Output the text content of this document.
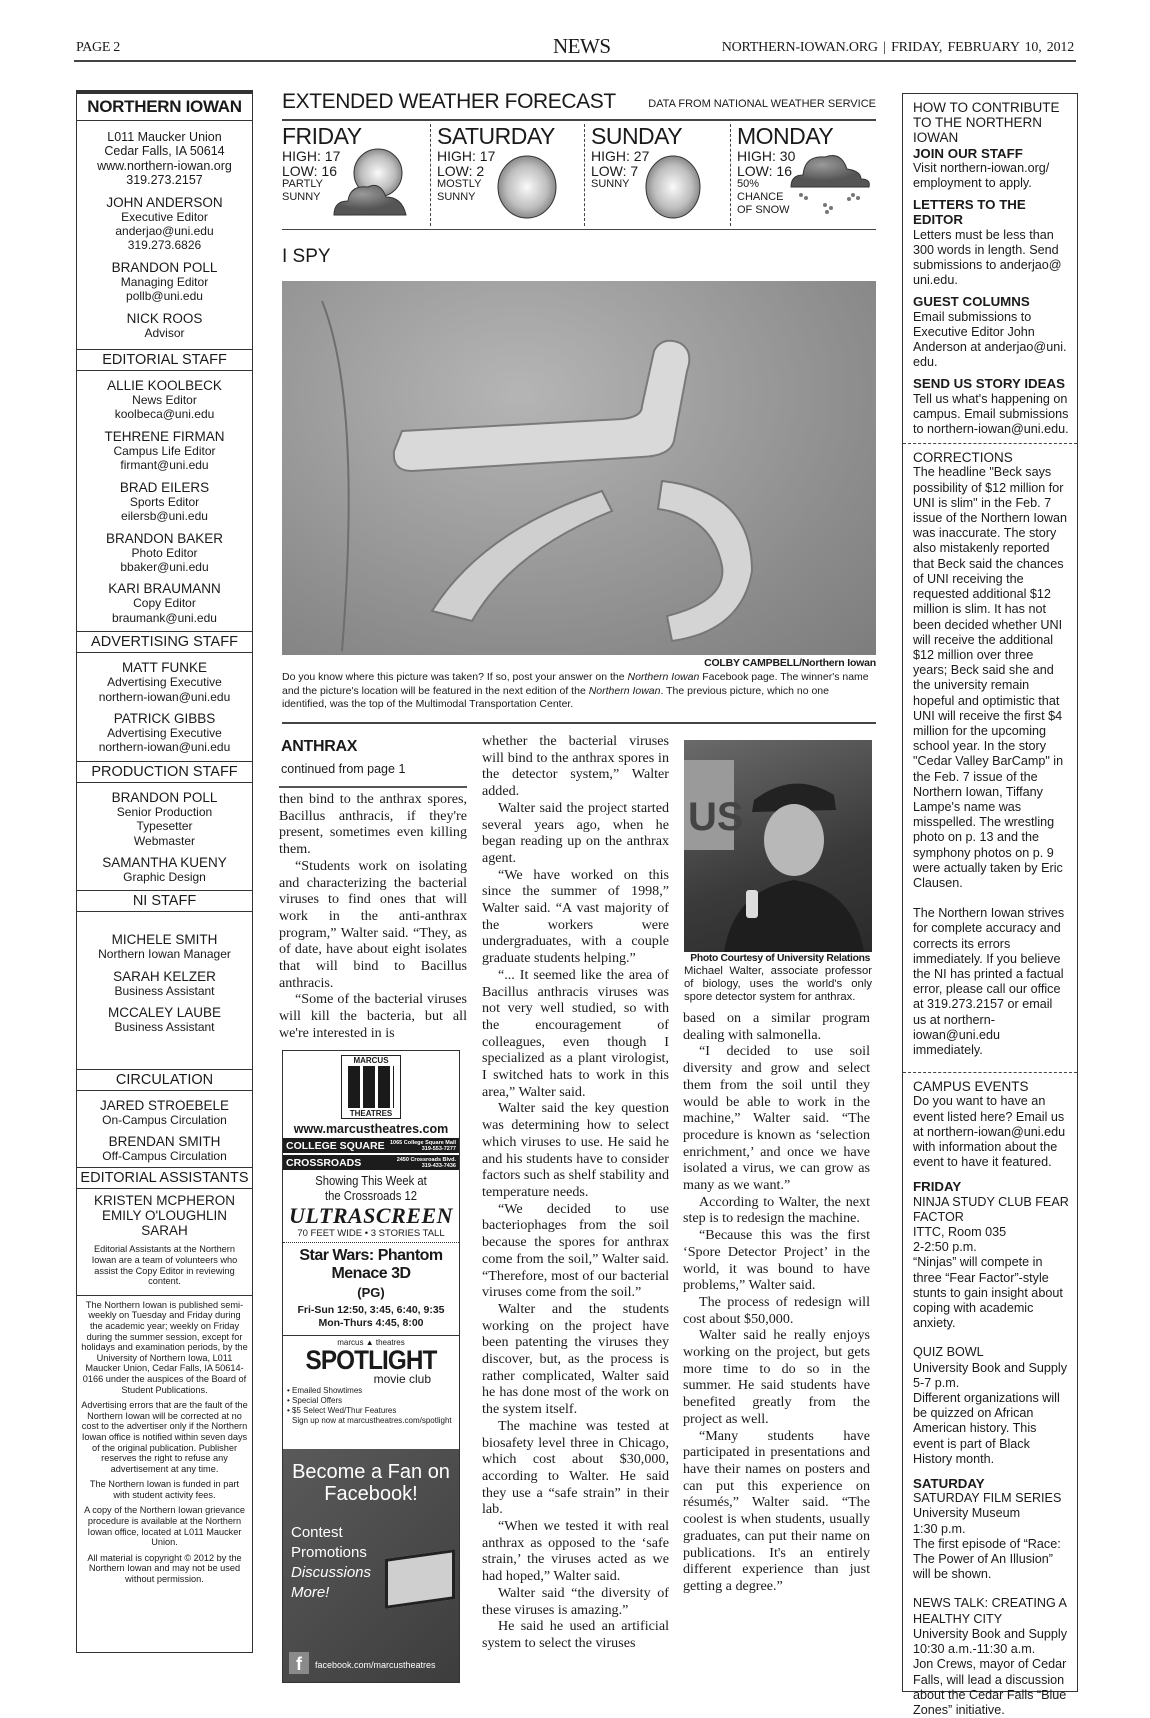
PAGE 2	NEWS	NORTHERN-IOWAN.ORG | FRIDAY, FEBRUARY 10, 2012
NORTHERN IOWAN
L011 Maucker Union
Cedar Falls, IA 50614
www.northern-iowan.org
319.273.2157
JOHN ANDERSON
Executive Editor
anderjao@uni.edu
319.273.6826
BRANDON POLL
Managing Editor
pollb@uni.edu
NICK ROOS
Advisor
EDITORIAL STAFF
ALLIE KOOLBECK
News Editor
koolbeca@uni.edu
TEHRENE FIRMAN
Campus Life Editor
firmant@uni.edu
BRAD EILERS
Sports Editor
eilersb@uni.edu
BRANDON BAKER
Photo Editor
bbaker@uni.edu
KARI BRAUMANN
Copy Editor
braumank@uni.edu
ADVERTISING STAFF
MATT FUNKE
Advertising Executive
northern-iowan@uni.edu
PATRICK GIBBS
Advertising Executive
northern-iowan@uni.edu
PRODUCTION STAFF
BRANDON POLL
Senior Production
Typesetter
Webmaster
SAMANTHA KUENY
Graphic Design
NI STAFF
MICHELE SMITH
Northern Iowan Manager
SARAH KELZER
Business Assistant
MCCALEY LAUBE
Business Assistant
CIRCULATION
JARED STROEBELE
On-Campus Circulation
BRENDAN SMITH
Off-Campus Circulation
EDITORIAL ASSISTANTS
KRISTEN MCPHERON
EMILY O'LOUGHLIN
SARAH
Editorial Assistants at the Northern Iowan are a team of volunteers who assist the Copy Editor in reviewing content.

The Northern Iowan is published semi-weekly on Tuesday and Friday during the academic year; weekly on Friday during the summer session, except for holidays and examination periods, by the University of Northern Iowa, L011 Maucker Union, Cedar Falls, IA 50614-0166 under the auspices of the Board of Student Publications.

Advertising errors that are the fault of the Northern Iowan will be corrected at no cost to the advertiser only if the Northern Iowan office is notified within seven days of the original publication. Publisher reserves the right to refuse any advertisement at any time.

The Northern Iowan is funded in part with student activity fees.

A copy of the Northern Iowan grievance procedure is available at the Northern Iowan office, located at L011 Maucker Union.

All material is copyright © 2012 by the Northern Iowan and may not be used without permission.

EXTENDED WEATHER FORECAST	DATA FROM NATIONAL WEATHER SERVICE
FRIDAY
HIGH: 17
LOW: 16
PARTLY
SUNNY
SATURDAY
HIGH: 17
LOW: 2
MOSTLY
SUNNY
SUNDAY
HIGH: 27
LOW: 7
SUNNY
MONDAY
HIGH: 30
LOW: 16
50%
CHANCE
OF SNOW
I SPY
COLBY CAMPBELL/Northern Iowan
Do you know where this picture was taken? If so, post your answer on the Northern Iowan Facebook page. The winner's name and the picture's location will be featured in the next edition of the Northern Iowan. The previous picture, which no one identified, was the top of the Multimodal Transportation Center.
ANTHRAX
continued from page 1

then bind to the anthrax spores, Bacillus anthracis, if they're present, sometimes even killing them.

“Students work on isolating and characterizing the bacterial viruses to find ones that will work in the anti-anthrax program,” Walter said. “They, as of date, have about eight isolates that will bind to Bacillus anthracis.

“Some of the bacterial viruses will kill the bacteria, but all we're interested in is

whether the bacterial viruses will bind to the anthrax spores in the detector system,” Walter added.

Walter said the project started several years ago, when he began reading up on the anthrax agent.

“We have worked on this since the summer of 1998,” Walter said. “A vast majority of the workers were undergraduates, with a couple graduate students helping.”

“... It seemed like the area of Bacillus anthracis viruses was not very well studied, so with the encouragement of colleagues, even though I specialized as a plant virologist, I switched hats to work in this area,” Walter said.

Walter said the key question was determining how to select which viruses to use. He said he and his students have to consider factors such as shelf stability and temperature needs.

“We decided to use bacteriophages from the soil because the spores for anthrax come from the soil,” Walter said. “Therefore, most of our bacterial viruses come from the soil.”

Walter and the students working on the project have been patenting the viruses they discover, but, as the process is rather complicated, Walter said he has done most of the work on the system itself.

The machine was tested at biosafety level three in Chicago, which cost about $30,000, according to Walter. He said they use a “safe strain” in their lab.

“When we tested it with real anthrax as opposed to the ‘safe strain,’ the viruses acted as we had hoped,” Walter said.

Walter said “the diversity of these viruses is amazing.”

He said he used an artificial system to select the viruses

US
Photo Courtesy of University Relations
Michael Walter, associate professor of biology, uses the world's only spore detector system for anthrax.

based on a similar program dealing with salmonella.

“I decided to use soil diversity and grow and select them from the soil until they would be able to work in the machine,” Walter said. “The procedure is known as ‘selection enrichment,’ and once we have isolated a virus, we can grow as many as we want.”

According to Walter, the next step is to redesign the machine.

“Because this was the first ‘Spore Detector Project’ in the world, it was bound to have problems,” Walter said.

The process of redesign will cost about $50,000.

Walter said he really enjoys working on the project, but gets more time to do so in the summer. He said students have benefited greatly from the project as well.

“Many students have participated in presentations and have their names on posters and can put this experience on résumés,” Walter said. “The coolest is when students, usually graduates, can put their name on publications. It's an entirely different experience than just getting a degree.”

MARCUS
THEATRES
www.marcustheatres.com
COLLEGE SQUARE 1065 College Square Mall
319-553-7277
CROSSROADS	2450 Crossroads Blvd.
319-433-7436
Showing This Week at the Crossroads 12
ULTRASCREEN
70 FEET WIDE • 3 STORIES TALL
Star Wars: Phantom Menace 3D
(PG)
Fri-Sun 12:50, 3:45, 6:40, 9:35
Mon-Thurs 4:45, 8:00
marcus ▲ theatres
SPOTLIGHT
movie club
• Emailed Showtimes
• Special Offers
• $5 Select Wed/Thur Features
Sign up now at marcustheatres.com/spotlight
Become a Fan on Facebook!
Contest
Promotions
Discussions
More!
f	facebook.com/marcustheatres
HOW TO CONTRIBUTE TO THE NORTHERN IOWAN
JOIN OUR STAFF

Visit northern-iowan.org/ employment to apply.

LETTERS TO THE EDITOR

Letters must be less than 300 words in length. Send submissions to anderjao@ uni.edu.

GUEST COLUMNS

Email submissions to Executive Editor John Anderson at anderjao@uni. edu.

SEND US STORY IDEAS

Tell us what's happening on campus. Email submissions to northern-iowan@uni.edu.

CORRECTIONS

The headline "Beck says possibility of $12 million for UNI is slim" in the Feb. 7 issue of the Northern Iowan was inaccurate. The story also mistakenly reported that Beck said the chances of UNI receiving the requested additional $12 million is slim. It has not been decided whether UNI will receive the additional $12 million over three years; Beck said she and the university remain hopeful and optimistic that UNI will receive the first $4 million for the upcoming school year. In the story "Cedar Valley BarCamp" in the Feb. 7 issue of the Northern Iowan, Tiffany Lampe's name was misspelled. The wrestling photo on p. 13 and the symphony photos on p. 9 were actually taken by Eric Clausen.

The Northern Iowan strives for complete accuracy and corrects its errors immediately. If you believe the NI has printed a factual error, please call our office at 319.273.2157 or email us at northern-iowan@uni.edu immediately.

CAMPUS EVENTS

Do you want to have an event listed here? Email us at northern-iowan@uni.edu with information about the event to have it featured.

FRIDAY
NINJA STUDY CLUB FEAR FACTOR
ITTC, Room 035
2-2:50 p.m.
“Ninjas” will compete in three “Fear Factor”-style stunts to gain insight about coping with academic anxiety.
QUIZ BOWL
University Book and Supply
5-7 p.m.
Different organizations will be quizzed on African American history. This event is part of Black History month.
SATURDAY
SATURDAY FILM SERIES
University Museum
1:30 p.m.
The first episode of “Race: The Power of An Illusion” will be shown.
NEWS TALK: CREATING A HEALTHY CITY
University Book and Supply
10:30 a.m.-11:30 a.m.
Jon Crews, mayor of Cedar Falls, will lead a discussion about the Cedar Falls “Blue Zones” initiative.
